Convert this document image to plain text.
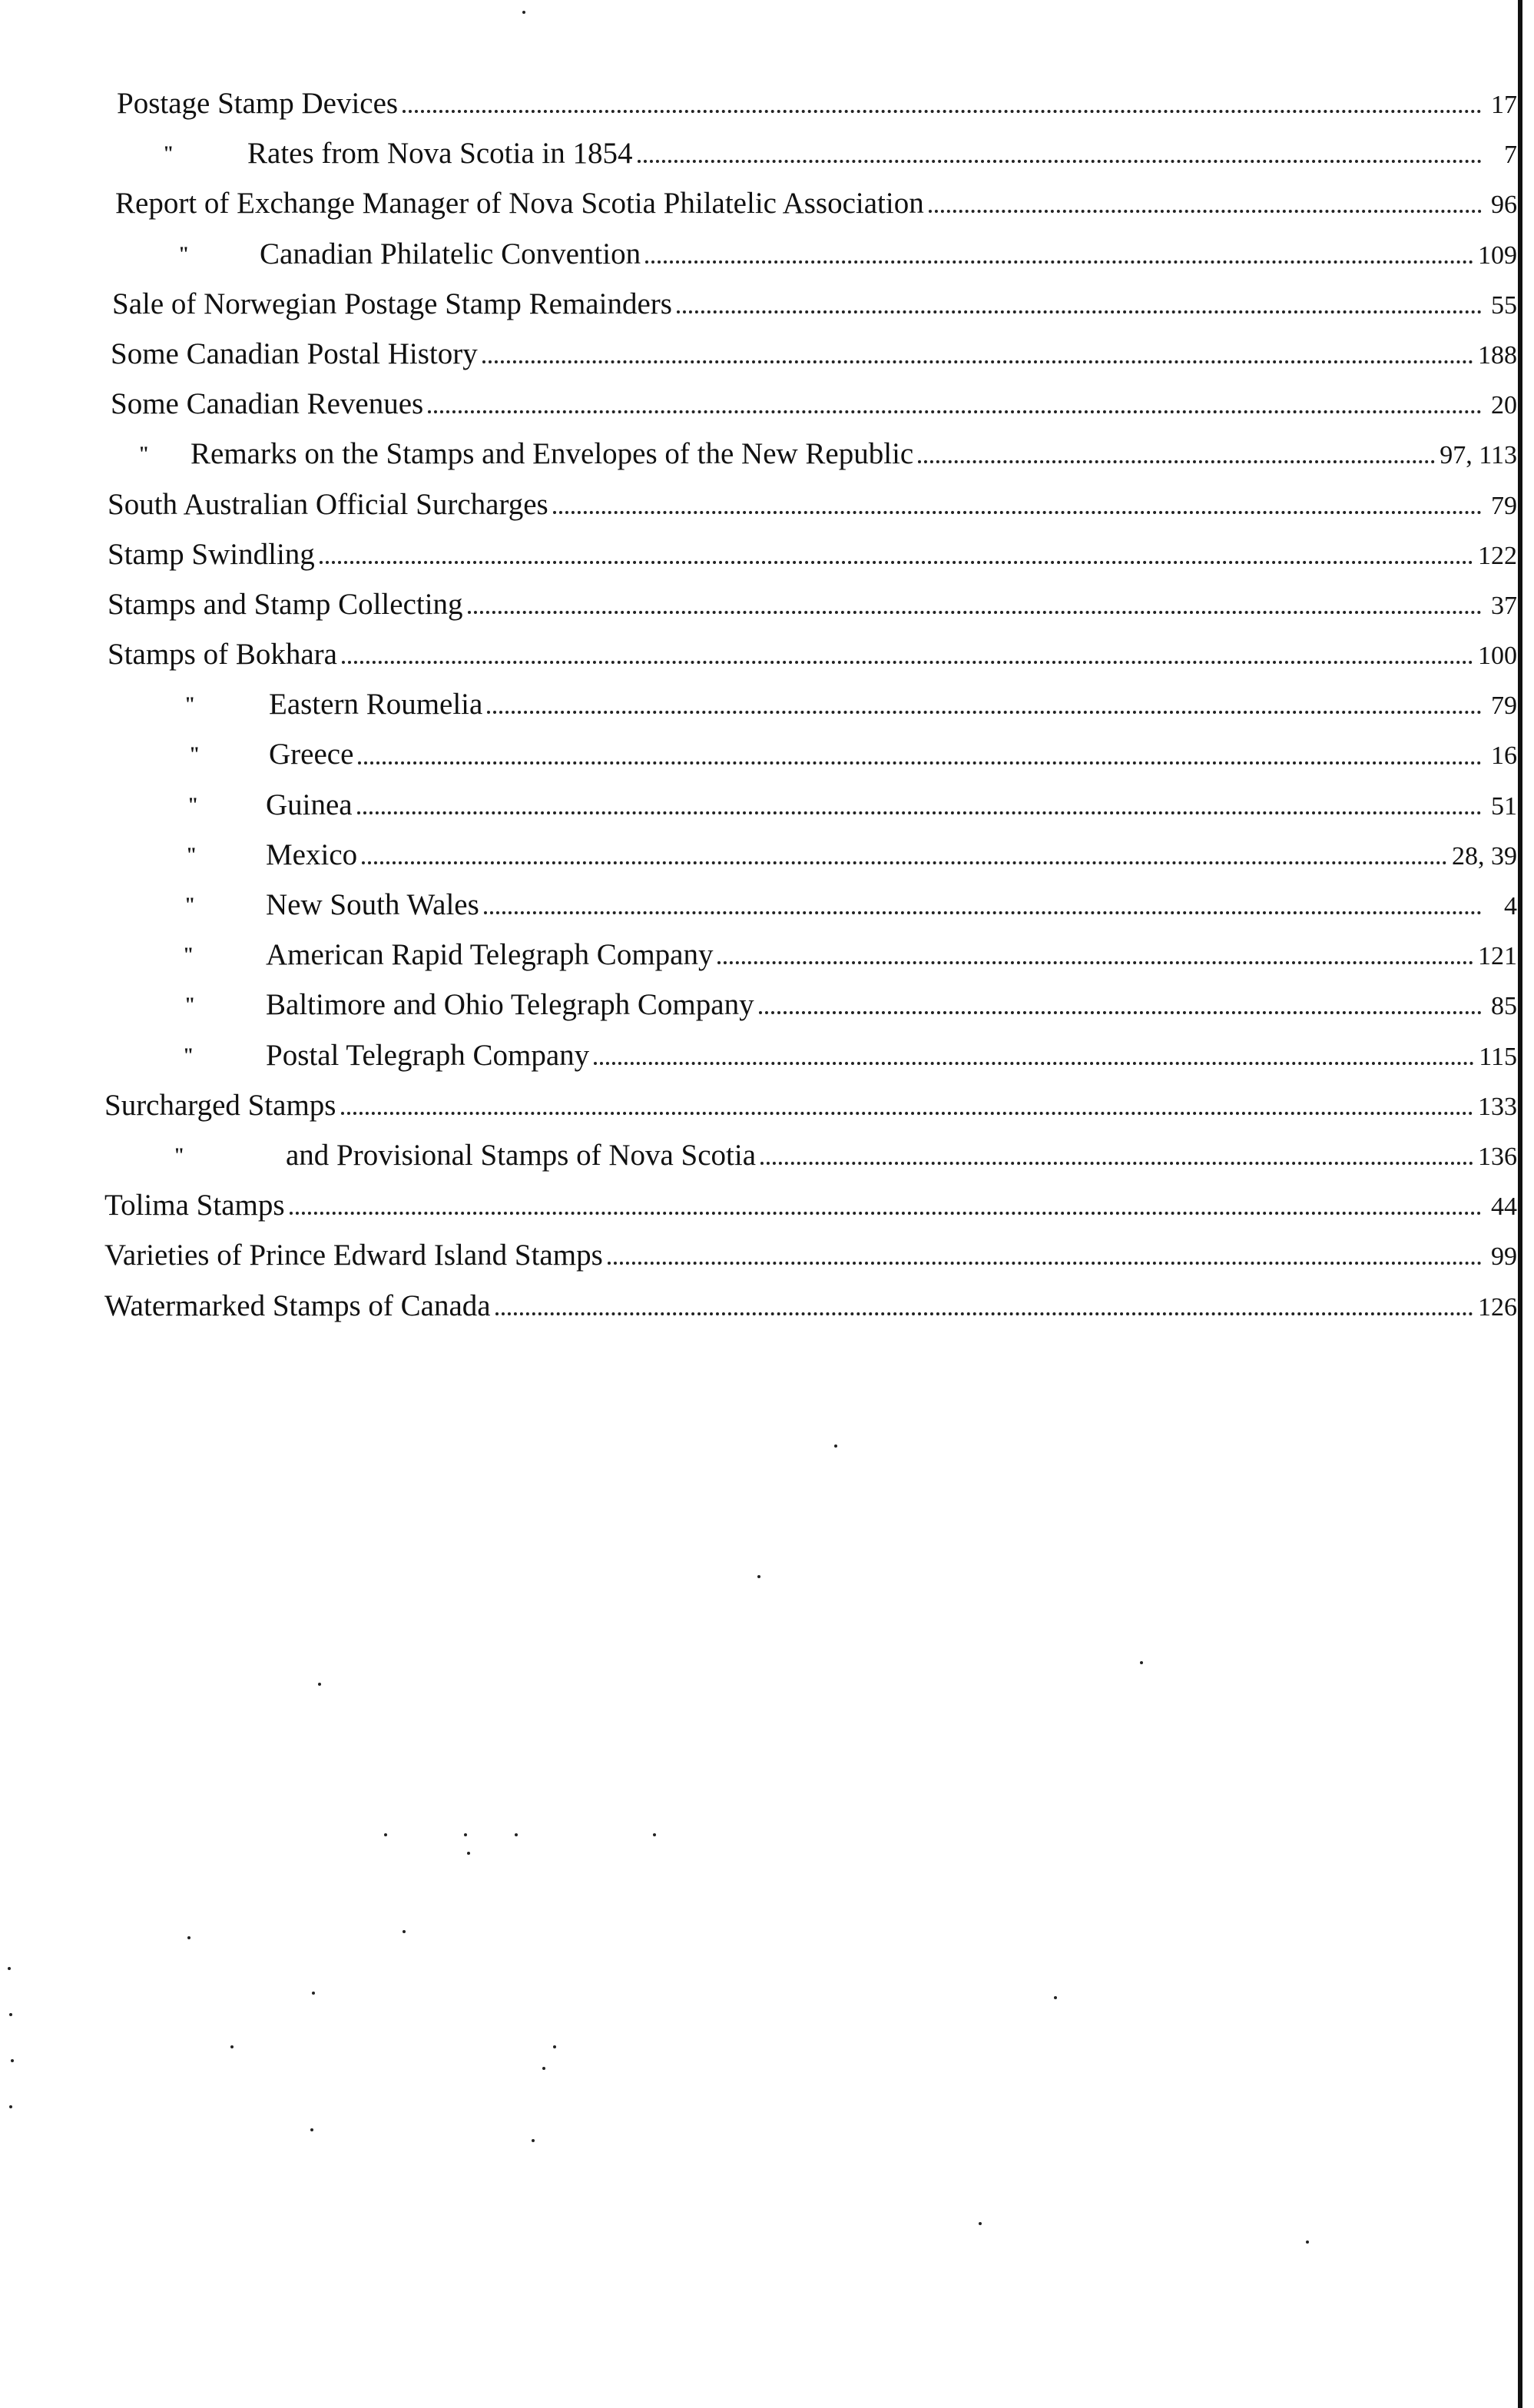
Postage Stamp Devices	17
" Rates from Nova Scotia in 1854	7
Report of Exchange Manager of Nova Scotia Philatelic Association	96
" Canadian Philatelic Convention	109
Sale of Norwegian Postage Stamp Remainders	55
Some Canadian Postal History	188
Some Canadian Revenues	20
" Remarks on the Stamps and Envelopes of the New Republic	97, 113
South Australian Official Surcharges	79
Stamp Swindling	122
Stamps and Stamp Collecting	37
Stamps of Bokhara	100
" Eastern Roumelia	79
" Greece	16
" Guinea	51
" Mexico	28, 39
" New South Wales	4
" American Rapid Telegraph Company	121
" Baltimore and Ohio Telegraph Company	85
" Postal Telegraph Company	115
Surcharged Stamps	133
"	and Provisional Stamps of Nova Scotia	136
Tolima Stamps	44
Varieties of Prince Edward Island Stamps	99
Watermarked Stamps of Canada	126
